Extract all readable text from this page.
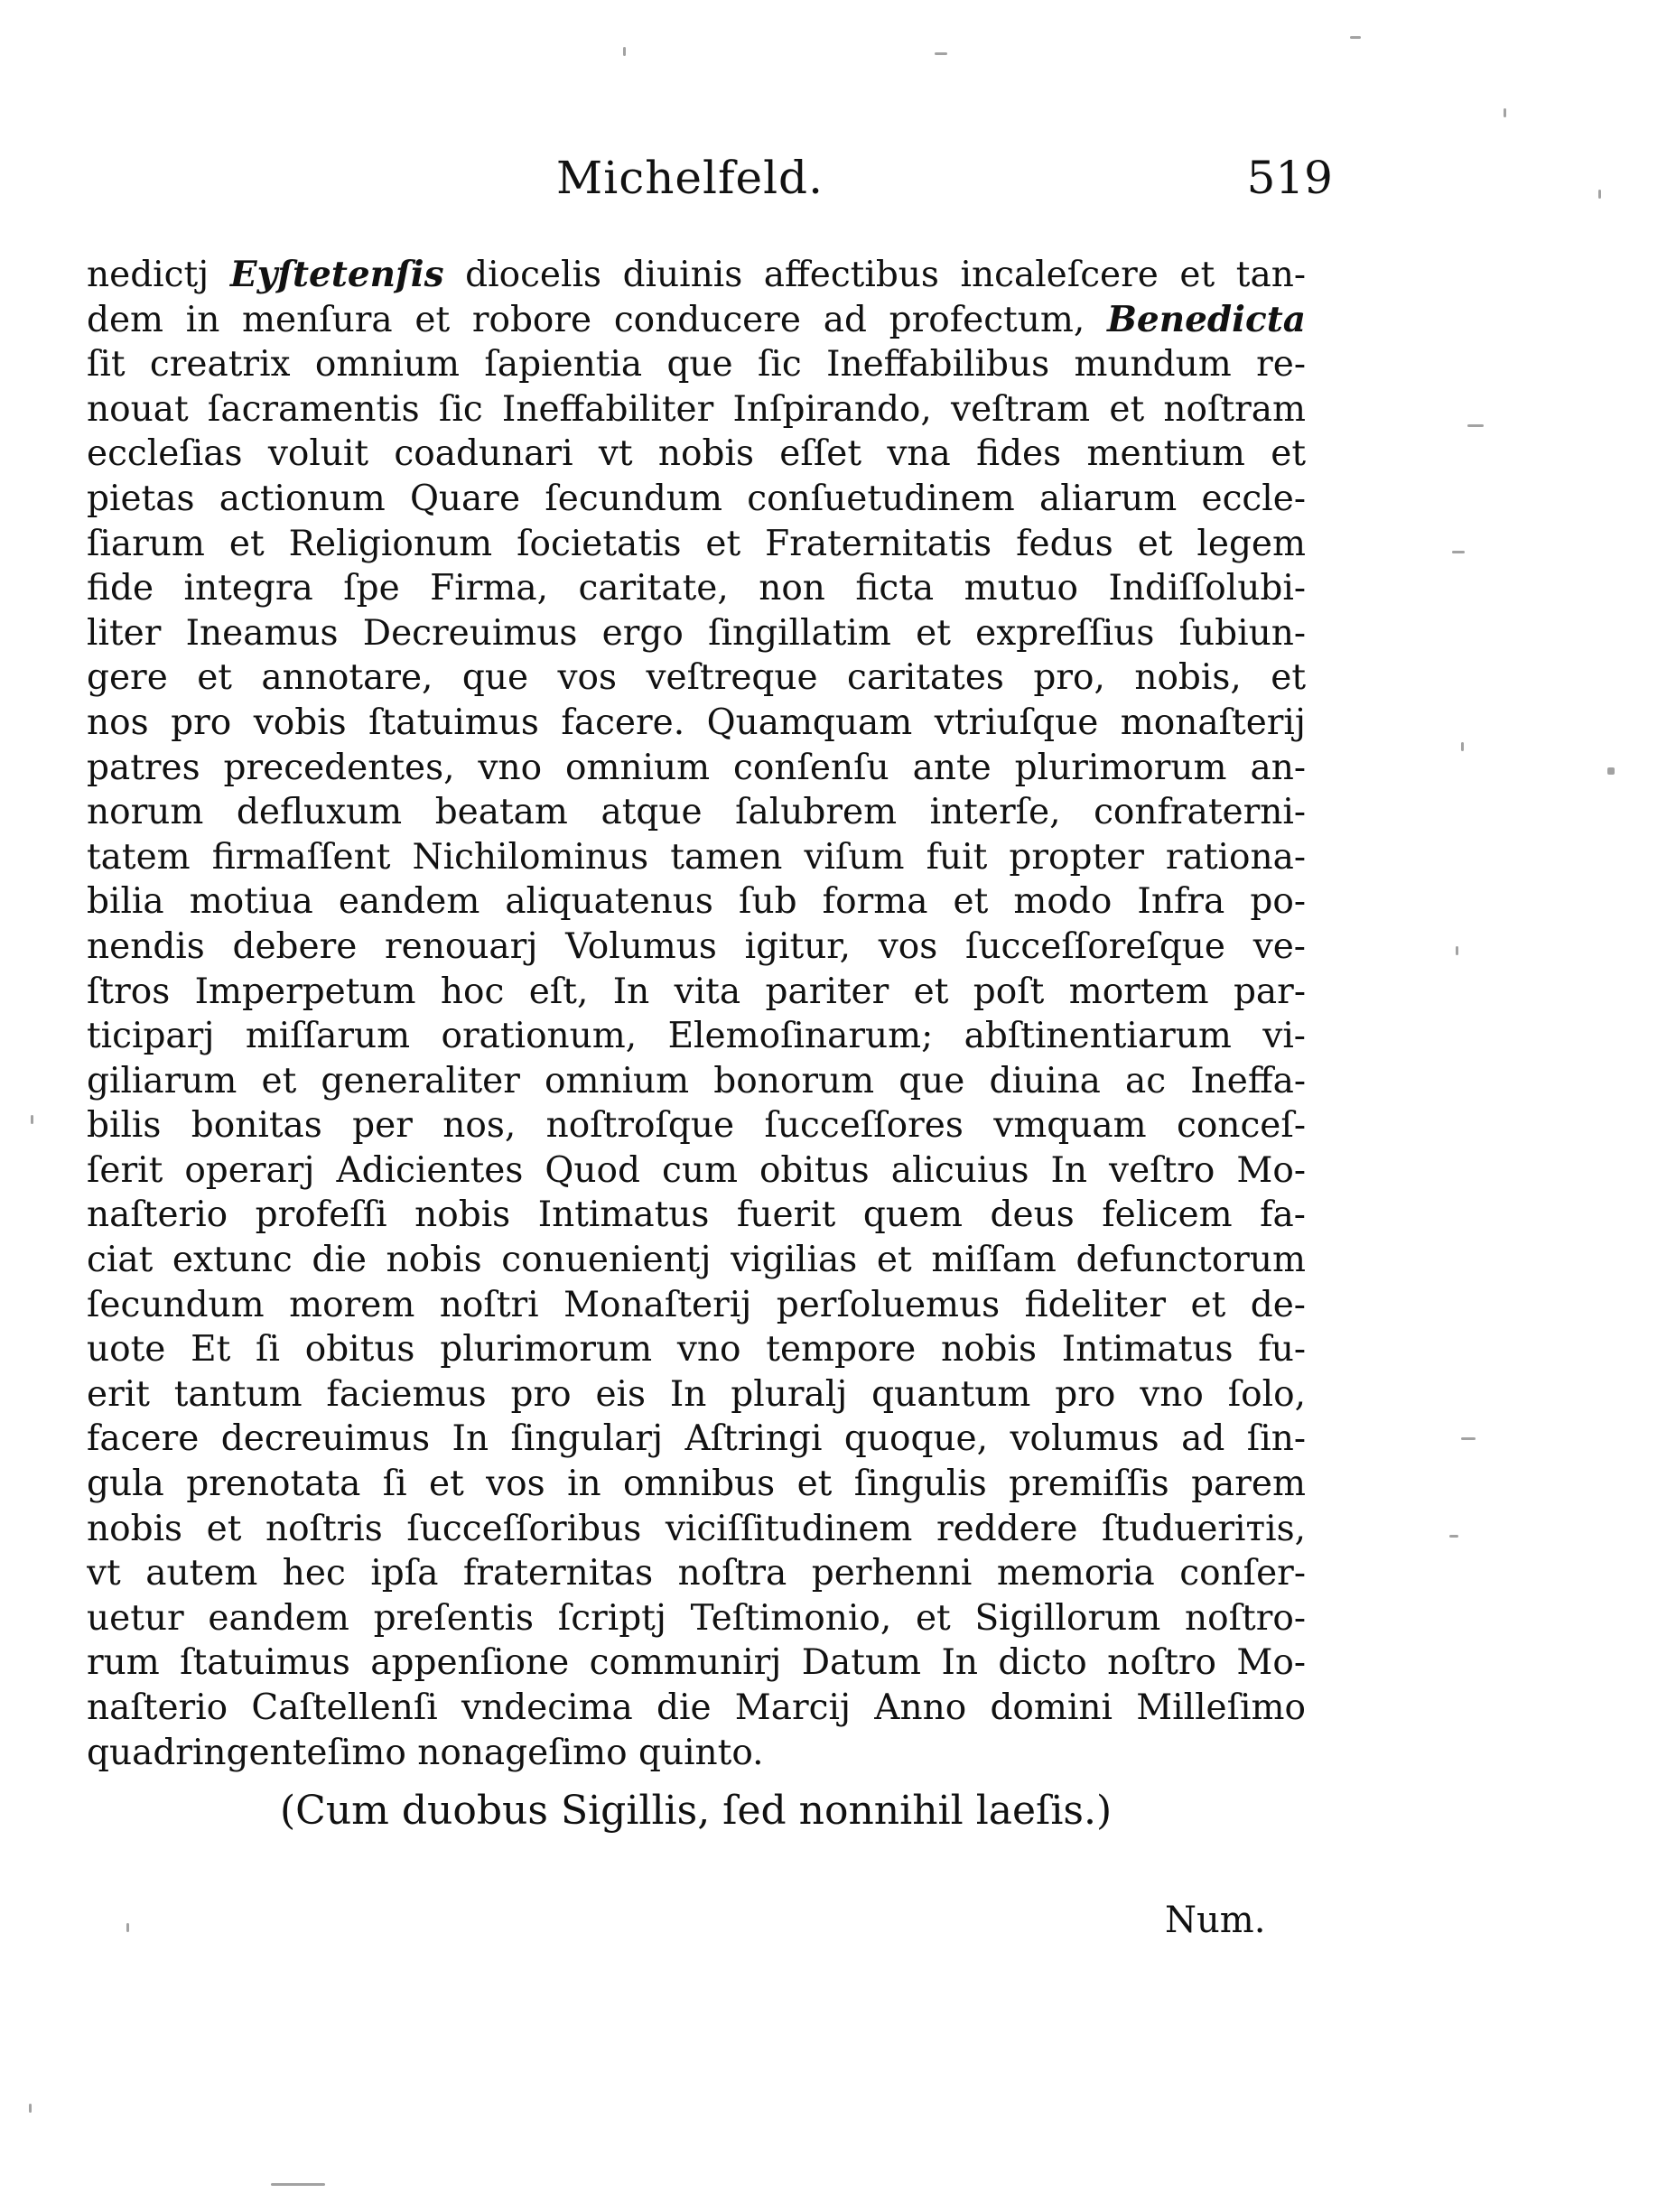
Michelfeld.	519
nedictj Eyſtetenſis diocelis diuinis affectibus incaleſcere et tan-
dem in menſura et robore conducere ad profectum, Benedicta
ſit creatrix omnium ſapientia que ſic Ineffabilibus mundum re-
nouat ſacramentis ſic Ineffabiliter Inſpirando, veſtram et noſtram
eccleſias voluit coadunari vt nobis eſſet vna fides mentium et
pietas actionum Quare ſecundum conſuetudinem aliarum eccle-
ſiarum et Religionum ſocietatis et Fraternitatis fedus et legem
fide integra ſpe Firma, caritate, non ficta mutuo Indiſſolubi-
liter Ineamus Decreuimus ergo ſingillatim et expreſſius ſubiun-
gere et annotare, que vos veſtreque caritates pro, nobis, et
nos pro vobis ſtatuimus facere. Quamquam vtriuſque monaſterij
patres precedentes, vno omnium conſenſu ante plurimorum an-
norum defluxum beatam atque ſalubrem interſe, confraterni-
tatem firmaſſent Nichilominus tamen viſum fuit propter rationa-
bilia motiua eandem aliquatenus ſub forma et modo Infra po-
nendis debere renouarj Volumus igitur, vos ſucceſſoreſque ve-
ſtros Imperpetum hoc eſt, In vita pariter et poſt mortem par-
ticiparj miſſarum orationum, Elemoſinarum; abſtinentiarum vi-
giliarum et generaliter omnium bonorum que diuina ac Ineffa-
bilis bonitas per nos, noſtroſque ſucceſſores vmquam conceſ-
ſerit operarj Adicientes Quod cum obitus alicuius In veſtro Mo-
naſterio profeſſi nobis Intimatus fuerit quem deus felicem fa-
ciat extunc die nobis conuenientj vigilias et miſſam defunctorum
ſecundum morem noſtri Monaſterij perſoluemus fideliter et de-
uote Et ſi obitus plurimorum vno tempore nobis Intimatus fu-
erit tantum faciemus pro eis In pluralj quantum pro vno ſolo,
facere decreuimus In ſingularj Aſtringi quoque, volumus ad ſin-
gula prenotata ſi et vos in omnibus et ſingulis premiſſis parem
nobis et noſtris ſucceſſoribus viciſſitudinem reddere ſtuduerітis,
vt autem hec ipſa fraternitas noſtra perhenni memoria conſer-
uetur eandem preſentis ſcriptj Teſtimonio, et Sigillorum noſtro-
rum ſtatuimus appenſione communirj Datum In dicto noſtro Mo-
naſterio Caſtellenſi vndecima die Marcij Anno domini Milleſimo
quadringenteſimo nonageſimo quinto.
(Cum duobus Sigillis, ſed nonnihil laeſis.)
Num.
